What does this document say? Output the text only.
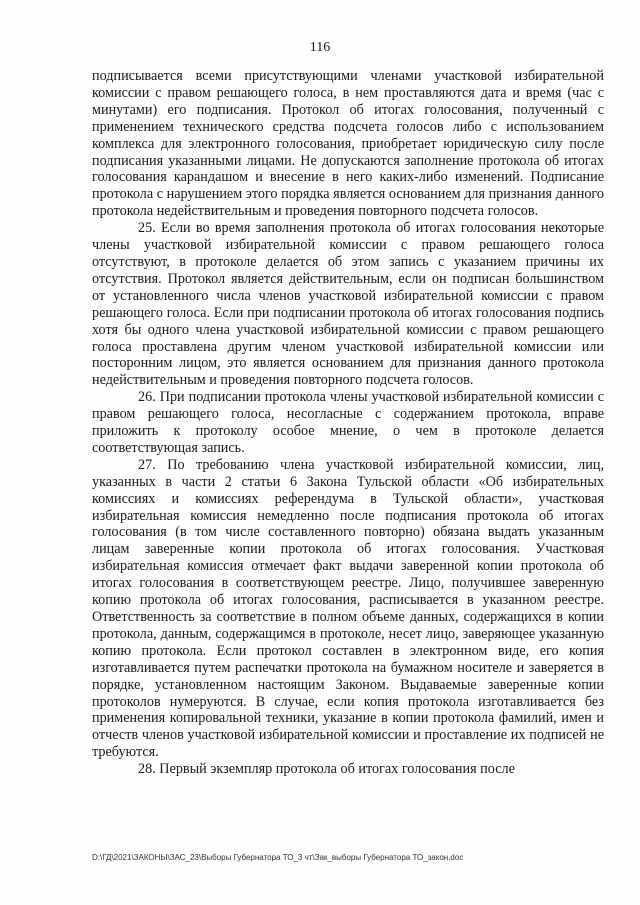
116

подписывается всеми присутствующими членами участковой избирательной комиссии с правом решающего голоса, в нем проставляются дата и время (час с минутами) его подписания. Протокол об итогах голосования, полученный с применением технического средства подсчета голосов либо с использованием комплекса для электронного голосования, приобретает юридическую силу после подписания указанными лицами. Не допускаются заполнение протокола об итогах голосования карандашом и внесение в него каких-либо изменений. Подписание протокола с нарушением этого порядка является основанием для признания данного протокола недействительным и проведения повторного подсчета голосов.

25. Если во время заполнения протокола об итогах голосования некоторые члены участковой избирательной комиссии с правом решающего голоса отсутствуют, в протоколе делается об этом запись с указанием причины их отсутствия. Протокол является действительным, если он подписан большинством от установленного числа членов участковой избирательной комиссии с правом решающего голоса. Если при подписании протокола об итогах голосования подпись хотя бы одного члена участковой избирательной комиссии с правом решающего голоса проставлена другим членом участковой избирательной комиссии или посторонним лицом, это является основанием для признания данного протокола недействительным и проведения повторного подсчета голосов.

26. При подписании протокола члены участковой избирательной комиссии с правом решающего голоса, несогласные с содержанием протокола, вправе приложить к протоколу особое мнение, о чем в протоколе делается соответствующая запись.

27. По требованию члена участковой избирательной комиссии, лиц, указанных в части 2 статьи 6 Закона Тульской области «Об избирательных комиссиях и комиссиях референдума в Тульской области», участковая избирательная комиссия немедленно после подписания протокола об итогах голосования (в том числе составленного повторно) обязана выдать указанным лицам заверенные копии протокола об итогах голосования. Участковая избирательная комиссия отмечает факт выдачи заверенной копии протокола об итогах голосования в соответствующем реестре. Лицо, получившее заверенную копию протокола об итогах голосования, расписывается в указанном реестре. Ответственность за соответствие в полном объеме данных, содержащихся в копии протокола, данным, содержащимся в протоколе, несет лицо, заверяющее указанную копию протокола. Если протокол составлен в электронном виде, его копия изготавливается путем распечатки протокола на бумажном носителе и заверяется в порядке, установленном настоящим Законом. Выдаваемые заверенные копии протоколов нумеруются. В случае, если копия протокола изготавливается без применения копировальной техники, указание в копии протокола фамилий, имен и отчеств членов участковой избирательной комиссии и проставление их подписей не требуются.

28. Первый экземпляр протокола об итогах голосования после

D:\ГД\2021\ЗАКОНЫ\ЗАС_23\Выборы Губернатора ТО_3 чт\Зак_выборы Губернатора ТО_закон.doc
